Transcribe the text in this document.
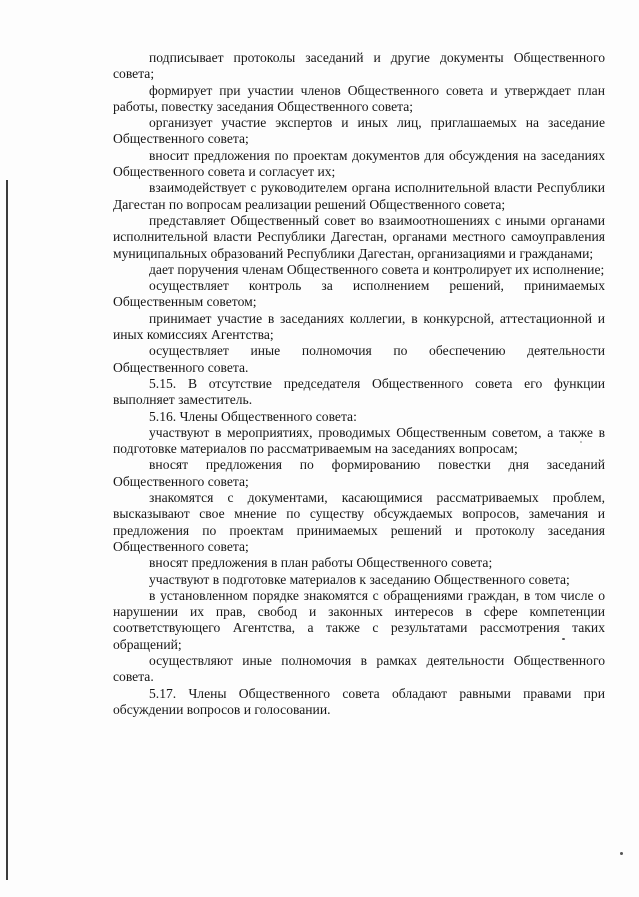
подписывает протоколы заседаний и другие документы Общественного совета;

формирует при участии членов Общественного совета и утверждает план работы, повестку заседания Общественного совета;

организует участие экспертов и иных лиц, приглашаемых на заседание Общественного совета;

вносит предложения по проектам документов для обсуждения на заседаниях Общественного совета и согласует их;

взаимодействует с руководителем органа исполнительной власти Республики Дагестан по вопросам реализации решений Общественного совета;

представляет Общественный совет во взаимоотношениях с иными органами исполнительной власти Республики Дагестан, органами местного самоуправления муниципальных образований Республики Дагестан, организациями и гражданами;

дает поручения членам Общественного совета и контролирует их исполнение;

осуществляет контроль за исполнением решений, принимаемых Общественным советом;

принимает участие в заседаниях коллегии, в конкурсной, аттестационной и иных комиссиях Агентства;

осуществляет иные полномочия по обеспечению деятельности Общественного совета.

5.15. В отсутствие председателя Общественного совета его функции выполняет заместитель.

5.16. Члены Общественного совета:

участвуют в мероприятиях, проводимых Общественным советом, а также в подготовке материалов по рассматриваемым на заседаниях вопросам;

вносят предложения по формированию повестки дня заседаний Общественного совета;

знакомятся с документами, касающимися рассматриваемых проблем, высказывают свое мнение по существу обсуждаемых вопросов, замечания и предложения по проектам принимаемых решений и протоколу заседания Общественного совета;

вносят предложения в план работы Общественного совета;

участвуют в подготовке материалов к заседанию Общественного совета;

в установленном порядке знакомятся с обращениями граждан, в том числе о нарушении их прав, свобод и законных интересов в сфере компетенции соответствующего Агентства, а также с результатами рассмотрения таких обращений;

осуществляют иные полномочия в рамках деятельности Общественного совета.

5.17. Члены Общественного совета обладают равными правами при обсуждении вопросов и голосовании.
